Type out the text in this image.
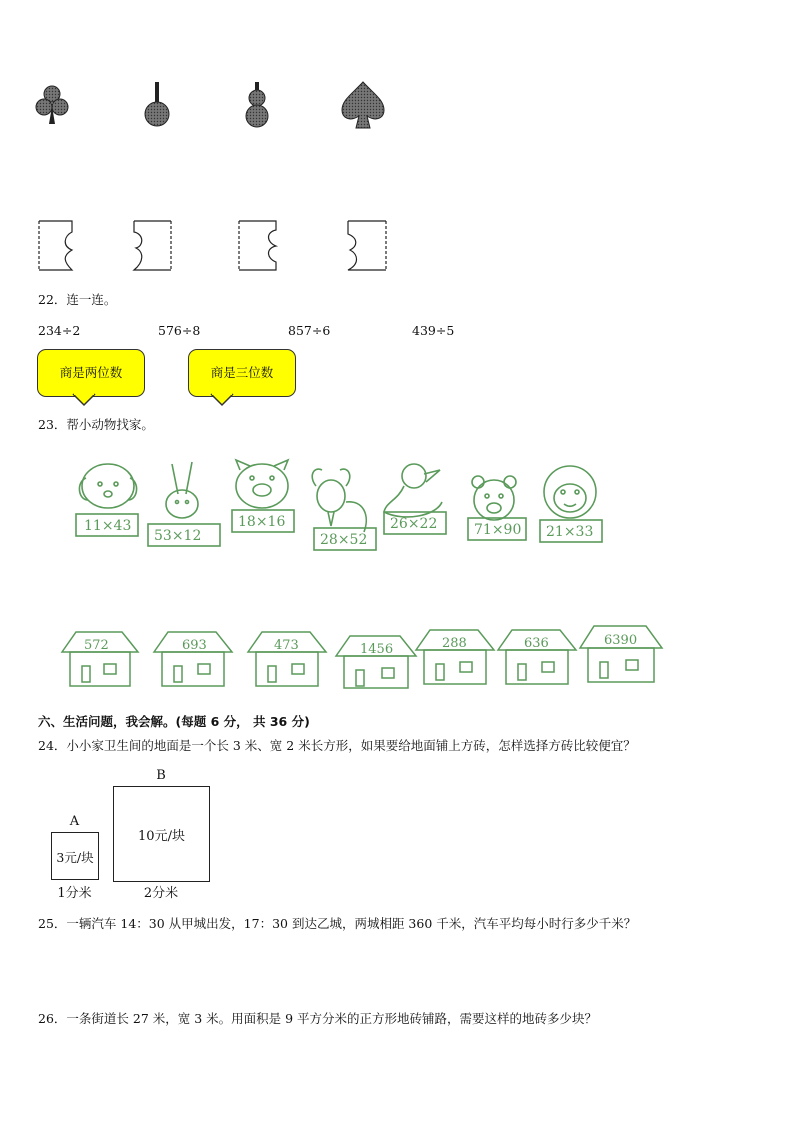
22．连一连。
234÷2	576÷8	857÷6	439÷5
商是两位数	商是三位数
23．帮小动物找家。
11×43
53×12
18×16
28×52
26×22	71×90 21×33
572	693	473	1456	288	636	6390
六、生活问题，我会解。(每题 6 分， 共 36 分)
24．小小家卫生间的地面是一个长 3 米、宽 2 米长方形，如果要给地面铺上方砖，怎样选择方砖比较便宜？
B
10元/块
2分米
A
3元/块
1分米
25．一辆汽车 14：30 从甲城出发，17：30 到达乙城，两城相距 360 千米，汽车平均每小时行多少千米？
26．一条街道长 27 米，宽 3 米。用面积是 9 平方分米的正方形地砖铺路，需要这样的地砖多少块？
